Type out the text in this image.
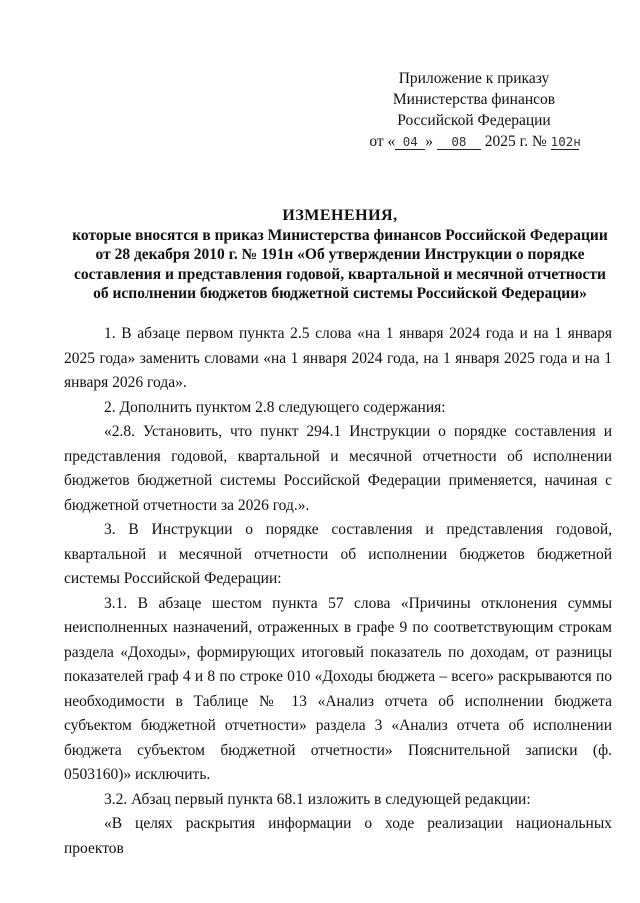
Приложение к приказу
Министерства финансов
Российской Федерации
от « 04 » 08 2025 г. № 102н
ИЗМЕНЕНИЯ,
которые вносятся в приказ Министерства финансов Российской Федерации
от 28 декабря 2010 г. № 191н «Об утверждении Инструкции о порядке
составления и представления годовой, квартальной и месячной отчетности
об исполнении бюджетов бюджетной системы Российской Федерации»

1. В абзаце первом пункта 2.5 слова «на 1 января 2024 года и на 1 января 2025 года» заменить словами «на 1 января 2024 года, на 1 января 2025 года и на 1 января 2026 года».

2. Дополнить пунктом 2.8 следующего содержания:

«2.8. Установить, что пункт 294.1 Инструкции о порядке составления и представления годовой, квартальной и месячной отчетности об исполнении бюджетов бюджетной системы Российской Федерации применяется, начиная с бюджетной отчетности за 2026 год.».

3. В Инструкции о порядке составления и представления годовой, квартальной и месячной отчетности об исполнении бюджетов бюджетной системы Российской Федерации:

3.1. В абзаце шестом пункта 57 слова «Причины отклонения суммы неисполненных назначений, отраженных в графе 9 по соответствующим строкам раздела «Доходы», формирующих итоговый показатель по доходам, от разницы показателей граф 4 и 8 по строке 010 «Доходы бюджета – всего» раскрываются по необходимости в Таблице № 13 «Анализ отчета об исполнении бюджета субъектом бюджетной отчетности» раздела 3 «Анализ отчета об исполнении бюджета субъектом бюджетной отчетности» Пояснительной записки (ф. 0503160)» исключить.

3.2. Абзац первый пункта 68.1 изложить в следующей редакции:

«В целях раскрытия информации о ходе реализации национальных проектов
